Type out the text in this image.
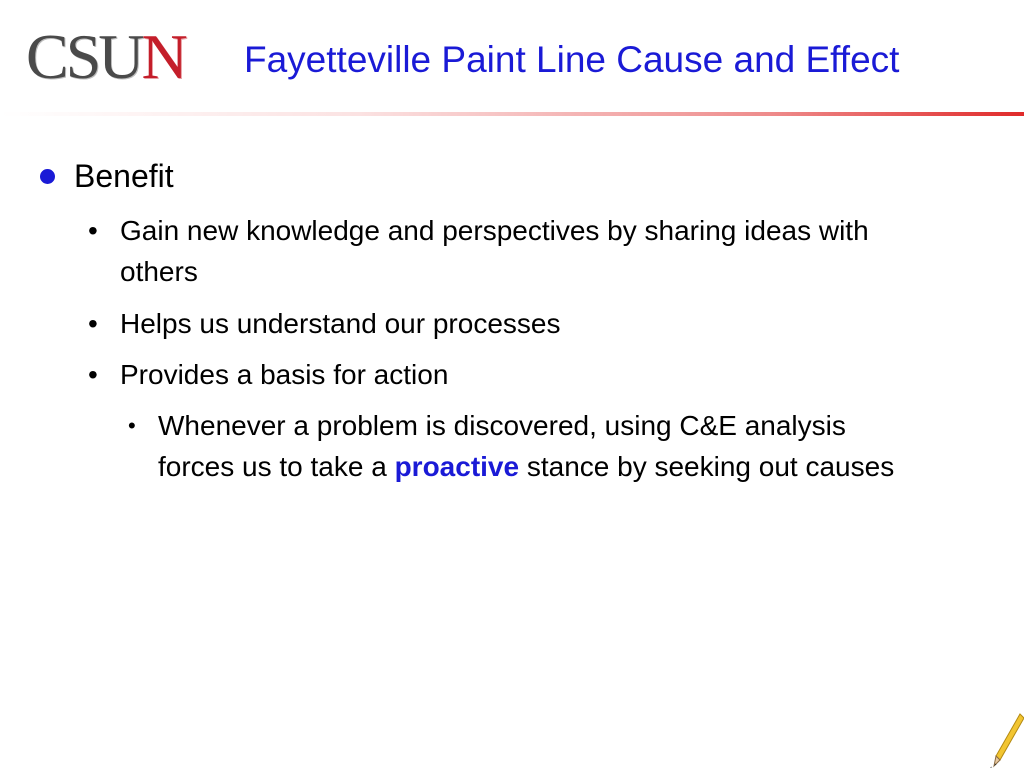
CSUN Fayetteville Paint Line Cause and Effect
Benefit
• Gain new knowledge and perspectives by sharing ideas with others
• Helps us understand our processes
• Provides a basis for action
• Whenever a problem is discovered, using C&E analysis forces us to take a proactive stance by seeking out causes
